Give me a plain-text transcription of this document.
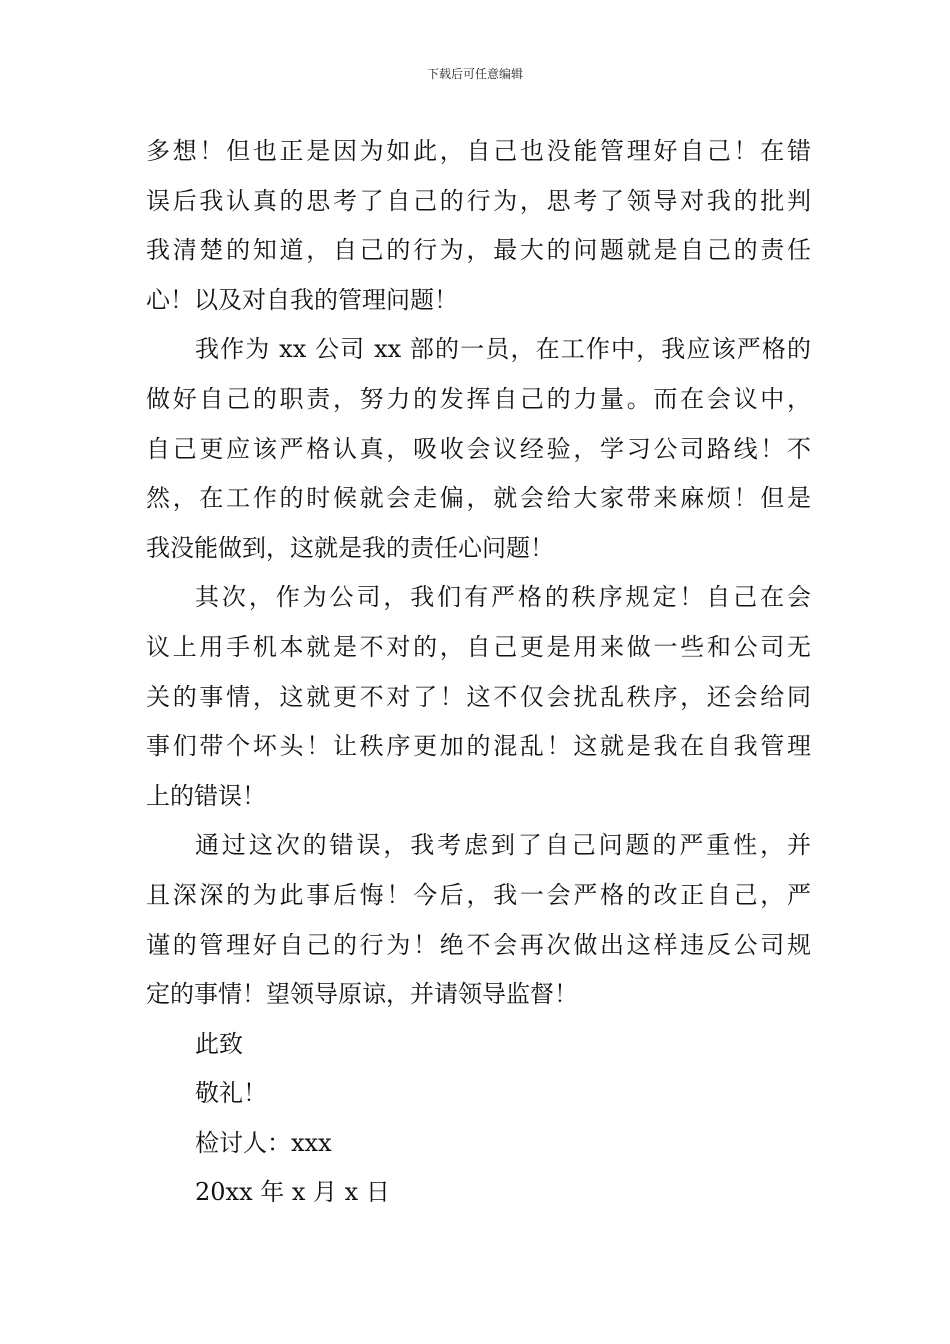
下载后可任意编辑
多想！但也正是因为如此，自己也没能管理好自己！在错
误后我认真的思考了自己的行为，思考了领导对我的批判
我清楚的知道，自己的行为，最大的问题就是自己的责任
心！以及对自我的管理问题！
我作为 xx 公司 xx 部的一员，在工作中，我应该严格的
做好自己的职责，努力的发挥自己的力量。而在会议中，
自己更应该严格认真，吸收会议经验，学习公司路线！不
然，在工作的时候就会走偏，就会给大家带来麻烦！但是
我没能做到，这就是我的责任心问题！
其次，作为公司，我们有严格的秩序规定！自己在会
议上用手机本就是不对的，自己更是用来做一些和公司无
关的事情，这就更不对了！这不仅会扰乱秩序，还会给同
事们带个坏头！让秩序更加的混乱！这就是我在自我管理
上的错误！
通过这次的错误，我考虑到了自己问题的严重性，并
且深深的为此事后悔！今后，我一会严格的改正自己，严
谨的管理好自己的行为！绝不会再次做出这样违反公司规
定的事情！望领导原谅，并请领导监督！
此致
敬礼！
检讨人：xxx
20xx 年 x 月 x 日
